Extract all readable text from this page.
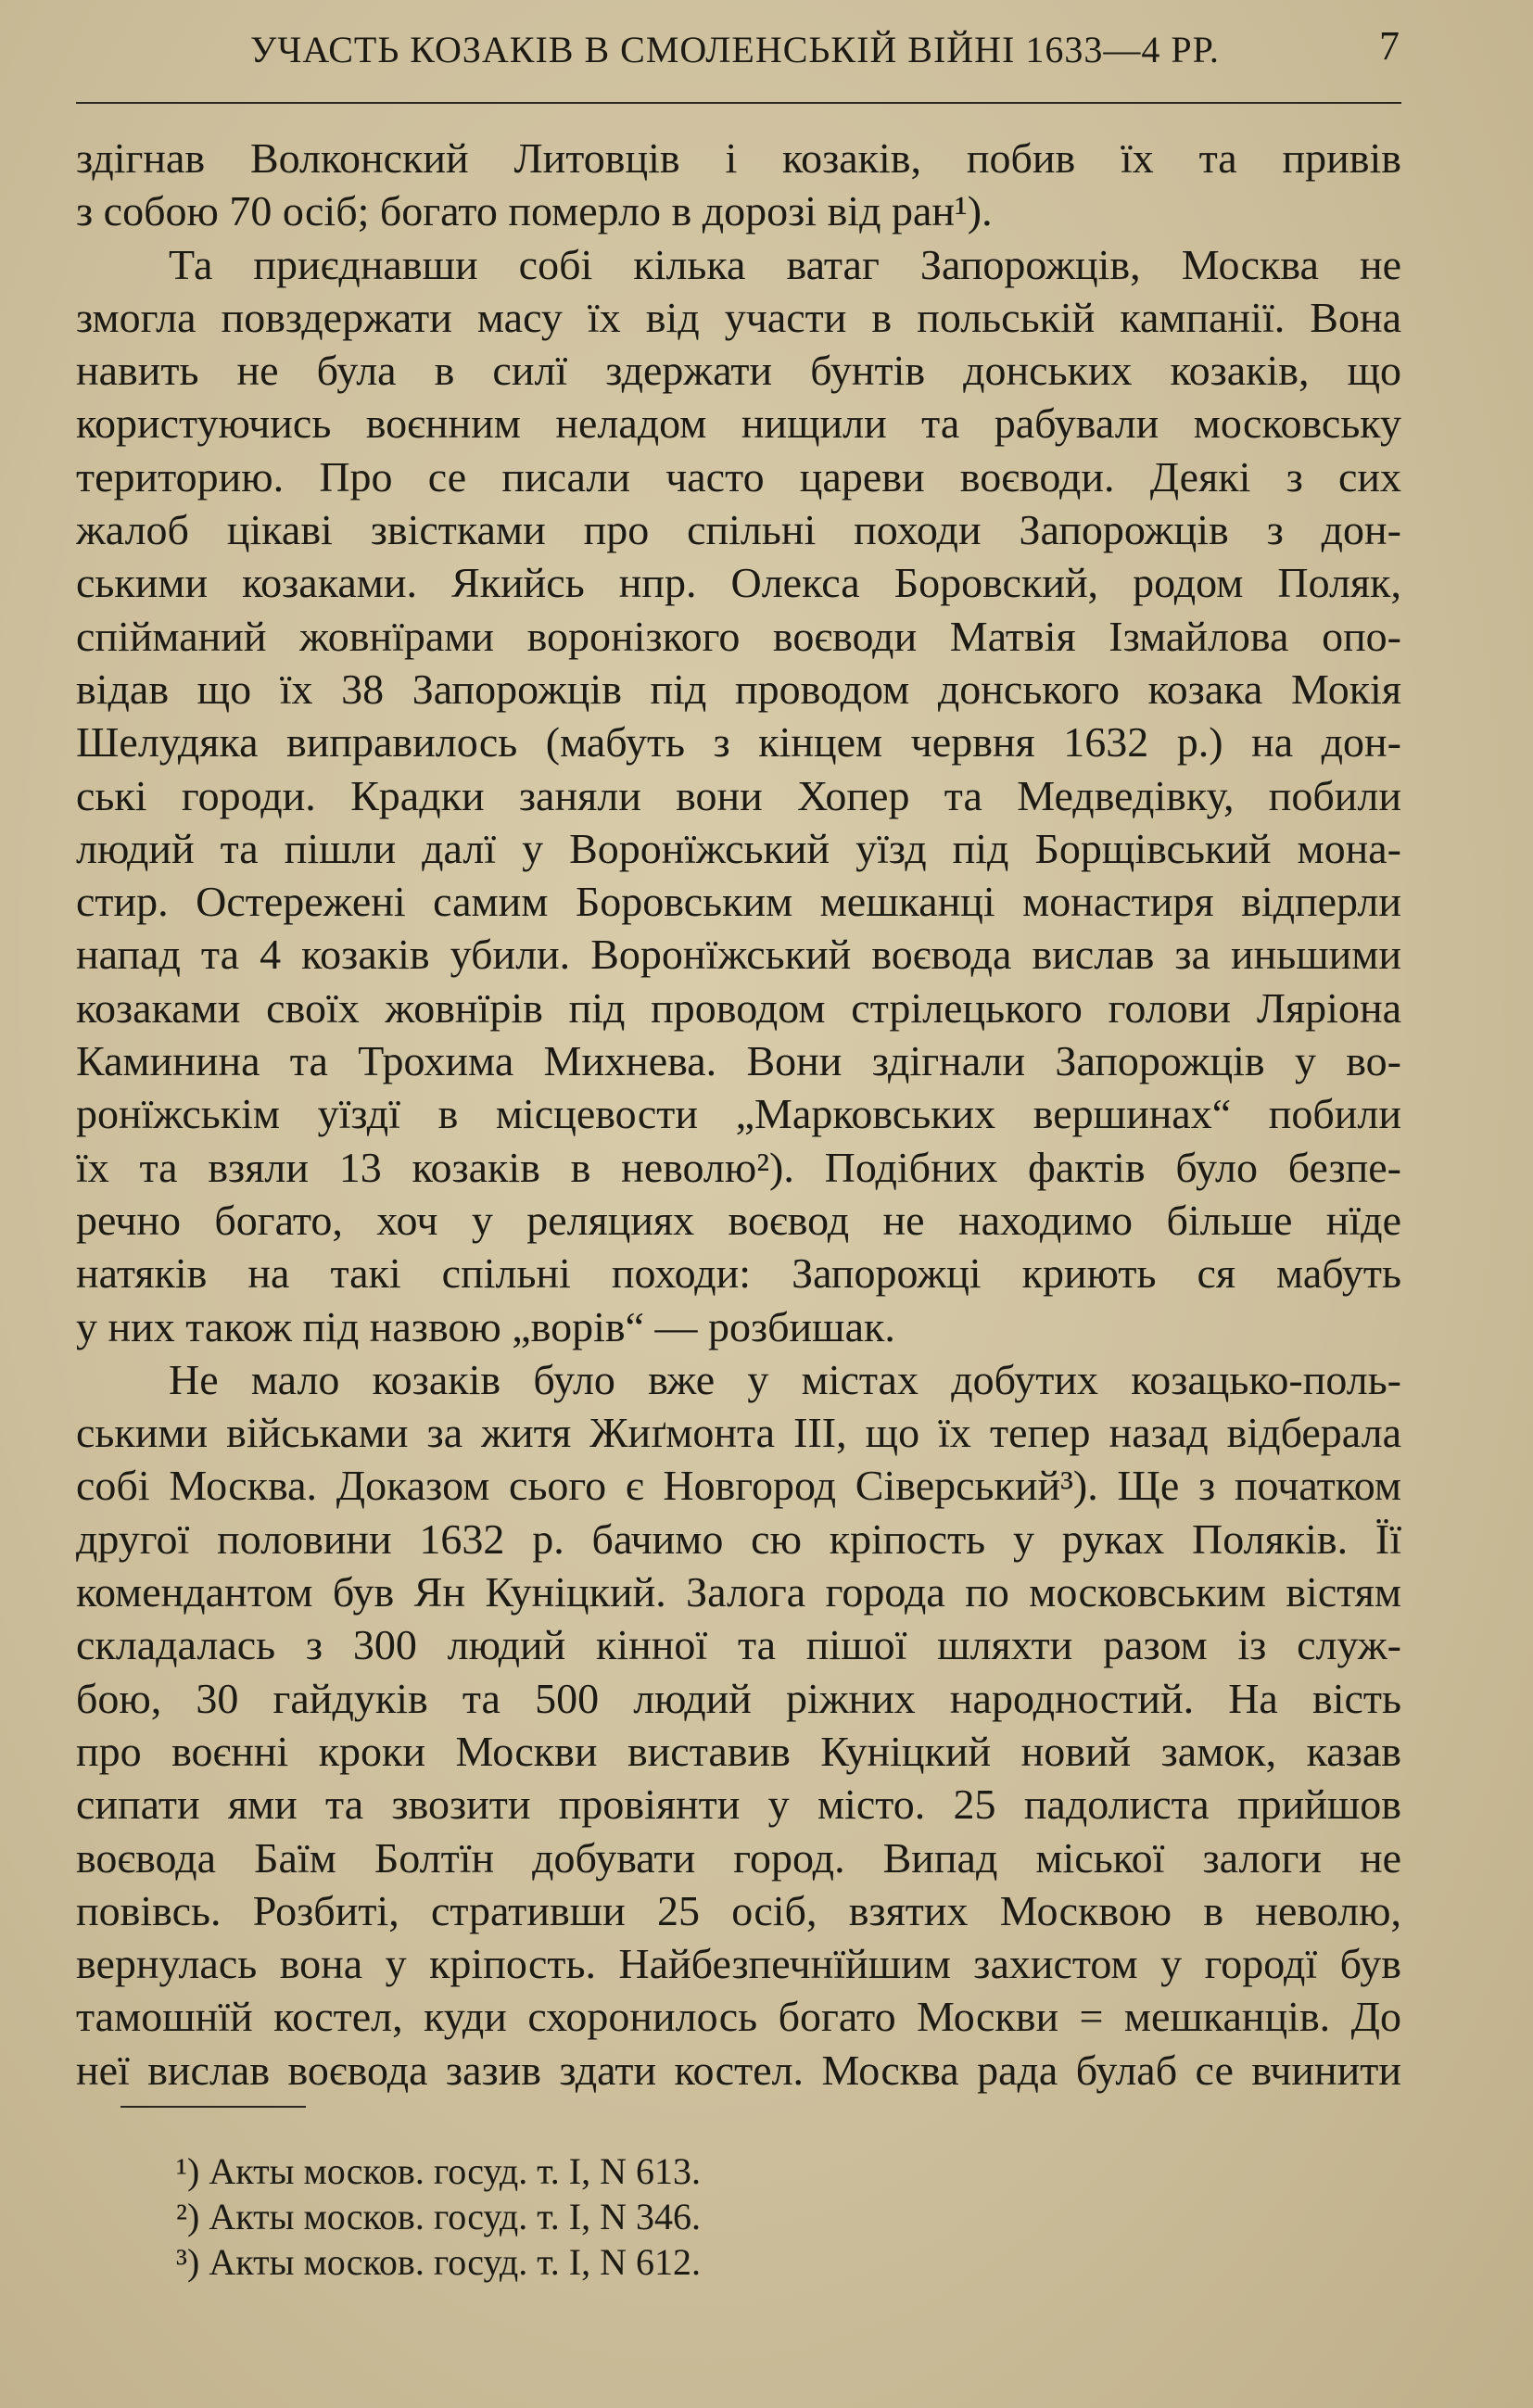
УЧАСТЬ КОЗАКІВ В СМОЛЕНСЬКІЙ ВІЙНІ 1633—4 РР.	7
здігнав Волконский Литовців і козаків, побив їх та привів
з собою 70 осіб; богато померло в дорозі від ран¹).
Та приєднавши собі кілька ватаг Запорожців, Москва не
змогла повздержати масу їх від участи в польській кампанії. Вона
навить не була в силї здержати бунтів донських козаків, що
користуючись воєнним неладом нищили та рабували московську
територию. Про се писали часто цареви воєводи. Деякі з сих
жалоб цікаві звістками про спільні походи Запорожців з дон-
ськими козаками. Якийсь нпр. Олекса Боровский, родом Поляк,
спійманий жовнїрами воронізкого воєводи Матвія Ізмайлова опо-
відав що їх 38 Запорожців під проводом донського козака Мокія
Шелудяка виправилось (мабуть з кінцем червня 1632 р.) на дон-
ські городи. Крадки заняли вони Хопер та Медведівку, побили
людий та пішли далї у Воронїжський уїзд під Борщівський мона-
стир. Остережені самим Боровським мешканці монастиря відперли
напад та 4 козаків убили. Воронїжський воєвода вислав за иньшими
козаками своїх жовнїрів під проводом стрілецького голови Ляріона
Каминина та Трохима Михнева. Вони здігнали Запорожців у во-
ронїжськім уїздї в місцевости „Марковських вершинах“ побили
їх та взяли 13 козаків в неволю²). Подібних фактів було безпе-
речно богато, хоч у реляциях воєвод не находимо більше нїде
натяків на такі спільні походи: Запорожці криють ся мабуть
у них також під назвою „ворів“ — розбишак.
Не мало козаків було вже у містах добутих козацько-поль-
ськими військами за житя Жиґмонта III, що їх тепер назад відберала
собі Москва. Доказом сього є Новгород Сіверський³). Ще з початком
другої половини 1632 р. бачимо сю кріпость у руках Поляків. Її
комендантом був Ян Куніцкий. Залога города по московським вістям
складалась з 300 людий кінної та пішої шляхти разом із служ-
бою, 30 гайдуків та 500 людий ріжних народностий. На вість
про воєнні кроки Москви виставив Куніцкий новий замок, казав
сипати ями та звозити провіянти у місто. 25 падолиста прийшов
воєвода Баїм Болтїн добувати город. Випад міської залоги не
повівсь. Розбиті, стративши 25 осіб, взятих Москвою в неволю,
вернулась вона у кріпость. Найбезпечнїйшим захистом у городї був
тамошнїй костел, куди схоронилось богато Москви = мешканців. До
неї вислав воєвода зазив здати костел. Москва рада булаб се вчинити
¹) Акты москов. госуд. т. I, N 613.
²) Акты москов. госуд. т. I, N 346.
³) Акты москов. госуд. т. I, N 612.
